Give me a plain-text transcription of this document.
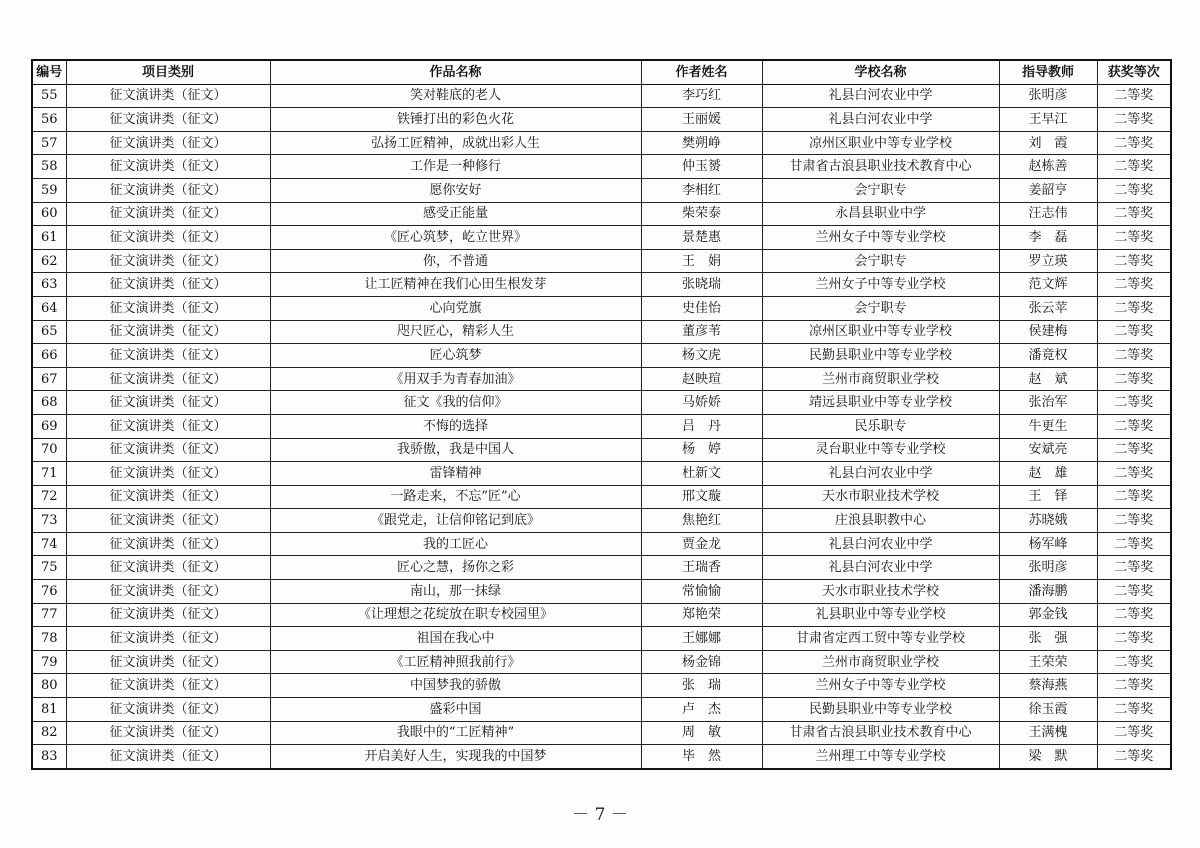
编号	项目类别	作品名称	作者姓名	学校名称	指导教师	获奖等次
55	征文演讲类（征文）	笑对鞋底的老人	李巧红	礼县白河农业中学	张明彦	二等奖
56	征文演讲类（征文）	铁锤打出的彩色火花	王丽媛	礼县白河农业中学	王早江	二等奖
57	征文演讲类（征文）	弘扬工匠精神，成就出彩人生	樊朔峥	凉州区职业中等专业学校	刘　霞	二等奖
58	征文演讲类（征文）	工作是一种修行	仲玉赟	甘肃省古浪县职业技术教育中心	赵栋善	二等奖
59	征文演讲类（征文）	愿你安好	李相红	会宁职专	姜韶亨	二等奖
60	征文演讲类（征文）	感受正能量	柴荣泰	永昌县职业中学	汪志伟	二等奖
61	征文演讲类（征文）	《匠心筑梦，屹立世界》	景楚惠	兰州女子中等专业学校	李　磊	二等奖
62	征文演讲类（征文）	你，不普通	王　娟	会宁职专	罗立瑛	二等奖
63	征文演讲类（征文）	让工匠精神在我们心田生根发芽	张晓瑞	兰州女子中等专业学校	范文辉	二等奖
64	征文演讲类（征文）	心向党旗	史佳怡	会宁职专	张云苹	二等奖
65	征文演讲类（征文）	咫尺匠心，精彩人生	董彦苇	凉州区职业中等专业学校	侯建梅	二等奖
66	征文演讲类（征文）	匠心筑梦	杨文虎	民勤县职业中等专业学校	潘竟权	二等奖
67	征文演讲类（征文）	《用双手为青春加油》	赵映瑄	兰州市商贸职业学校	赵　斌	二等奖
68	征文演讲类（征文）	征文《我的信仰》	马娇娇	靖远县职业中等专业学校	张治军	二等奖
69	征文演讲类（征文）	不悔的选择	吕　丹	民乐职专	牛更生	二等奖
70	征文演讲类（征文）	我骄傲，我是中国人	杨　婷	灵台职业中等专业学校	安斌亮	二等奖
71	征文演讲类（征文）	雷锋精神	杜新文	礼县白河农业中学	赵　雄	二等奖
72	征文演讲类（征文）	一路走来，不忘”匠”心	邢文璇	天水市职业技术学校	王　铎	二等奖
73	征文演讲类（征文）	《跟党走，让信仰铭记到底》	焦艳红	庄浪县职教中心	苏晓娥	二等奖
74	征文演讲类（征文）	我的工匠心	贾金龙	礼县白河农业中学	杨军峰	二等奖
75	征文演讲类（征文）	匠心之慧，扬你之彩	王瑞香	礼县白河农业中学	张明彦	二等奖
76	征文演讲类（征文）	南山，那一抹绿	常愉愉	天水市职业技术学校	潘海鹏	二等奖
77	征文演讲类（征文）	《让理想之花绽放在职专校园里》	郑艳荣	礼县职业中等专业学校	郭金钱	二等奖
78	征文演讲类（征文）	祖国在我心中	王娜娜	甘肃省定西工贸中等专业学校	张　强	二等奖
79	征文演讲类（征文）	《工匠精神照我前行》	杨金锦	兰州市商贸职业学校	王荣荣	二等奖
80	征文演讲类（征文）	中国梦我的骄傲	张　瑞	兰州女子中等专业学校	蔡海燕	二等奖
81	征文演讲类（征文）	盛彩中国	卢　杰	民勤县职业中等专业学校	徐玉霞	二等奖
82	征文演讲类（征文）	我眼中的“工匠精神”	周　敏	甘肃省古浪县职业技术教育中心	王满槐	二等奖
83	征文演讲类（征文）	开启美好人生，实现我的中国梦	毕　然	兰州理工中等专业学校	梁　默	二等奖
－ 7 －
